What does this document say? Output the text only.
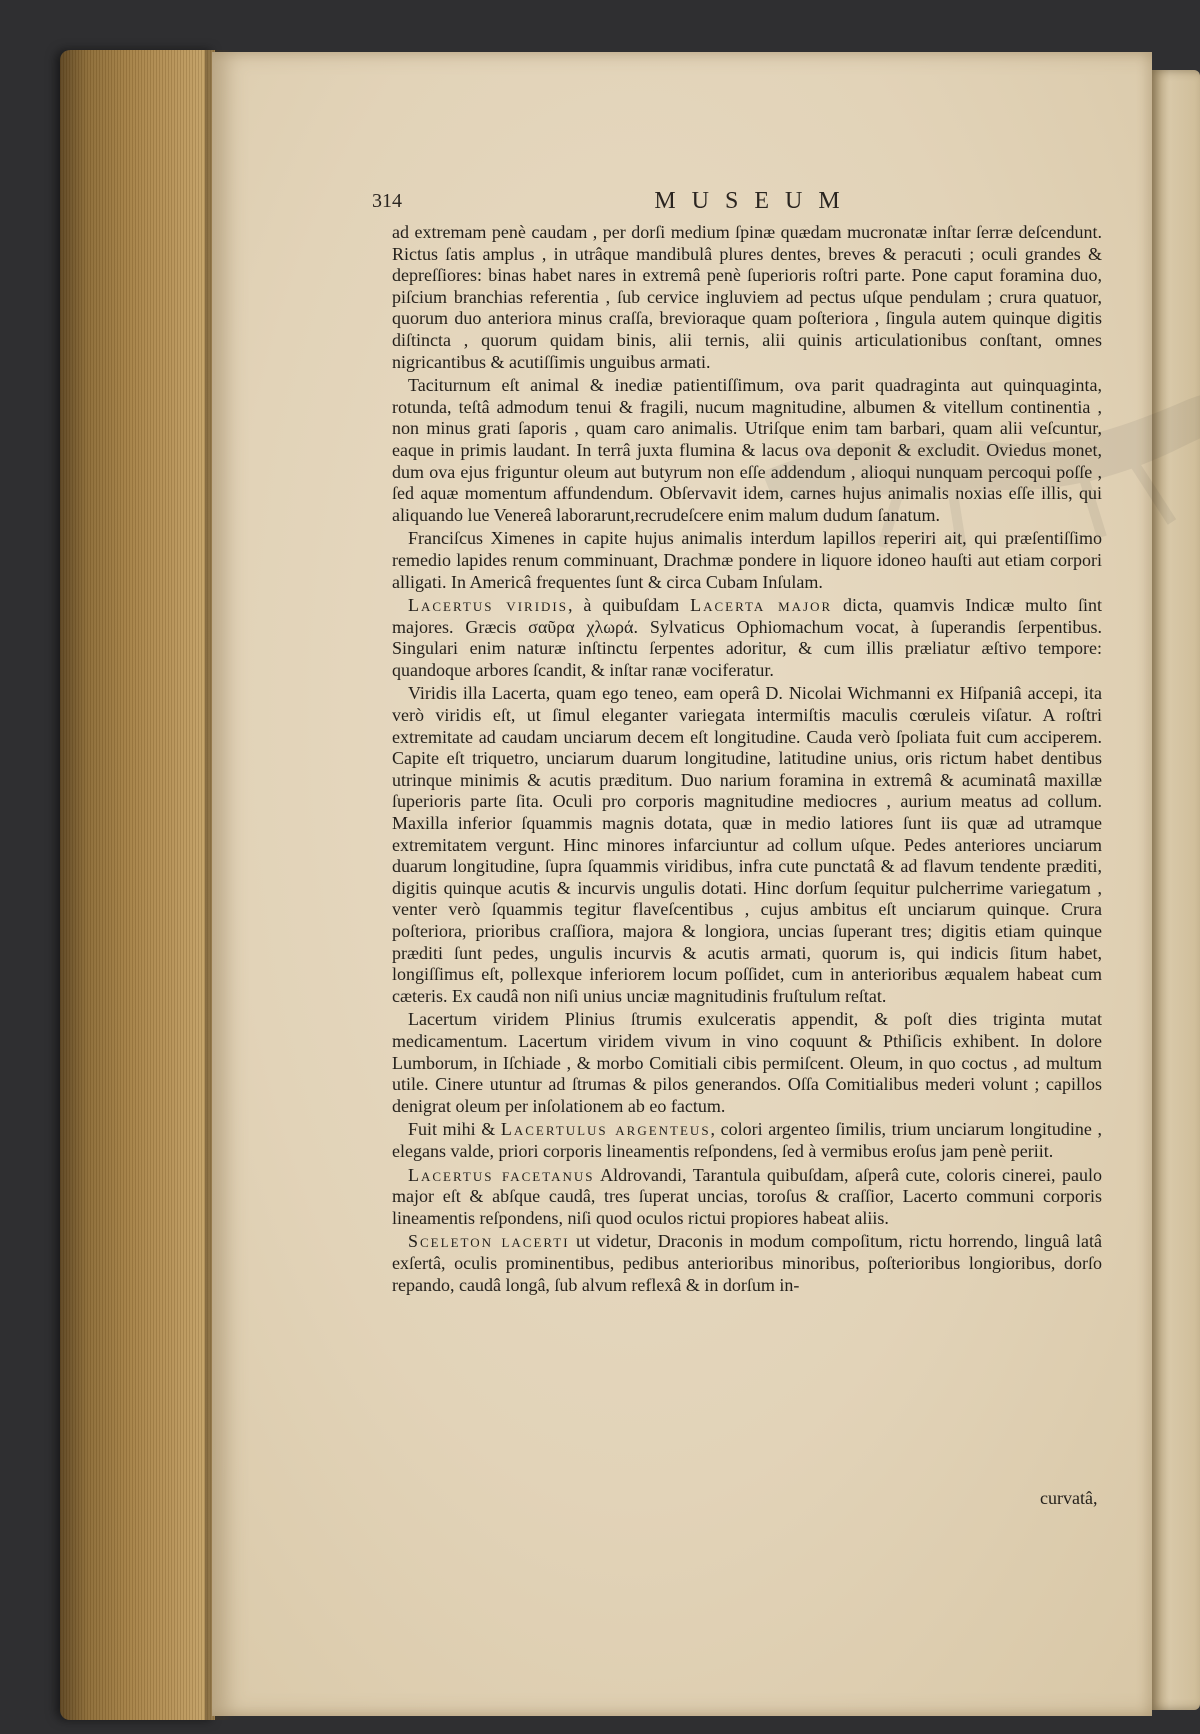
314	MUSEUM

ad extremam penè caudam , per dorſi medium ſpinæ quædam mucronatæ inſtar ſerræ deſcendunt. Rictus ſatis amplus , in utrâque mandibulâ plures dentes, breves & peracuti ; oculi grandes & depreſſiores: binas habet nares in extremâ penè ſuperioris roſtri parte. Pone caput foramina duo, piſcium branchias referentia , ſub cervice ingluviem ad pectus uſque pendulam ; crura quatuor, quorum duo anteriora minus craſſa, brevioraque quam poſteriora , ſingula autem quinque digitis diſtincta , quorum quidam binis, alii ternis, alii quinis articulationibus conſtant, omnes nigricantibus & acutiſſimis unguibus armati.

Taciturnum eſt animal & inediæ patientiſſimum, ova parit quadraginta aut quinquaginta, rotunda, teſtâ admodum tenui & fragili, nucum magnitudine, albumen & vitellum continentia , non minus grati ſaporis , quam caro animalis. Utriſque enim tam barbari, quam alii veſcuntur, eaque in primis laudant. In terrâ juxta flumina & lacus ova deponit & excludit. Oviedus monet, dum ova ejus friguntur oleum aut butyrum non eſſe addendum , alioqui nunquam percoqui poſſe , ſed aquæ momentum affundendum. Obſervavit idem, carnes hujus animalis noxias eſſe illis, qui aliquando lue Venereâ laborarunt,recrudeſcere enim malum dudum ſanatum.

Franciſcus Ximenes in capite hujus animalis interdum lapillos reperiri ait, qui præſentiſſimo remedio lapides renum comminuant, Drachmæ pondere in liquore idoneo hauſti aut etiam corpori alligati. In Americâ frequentes ſunt & circa Cubam Inſulam.

Lacertus viridis, à quibuſdam Lacerta major dicta, quamvis Indicæ multo ſint majores. Græcis σαῦρα χλωρά. Sylvaticus Ophiomachum vocat, à ſuperandis ſerpentibus. Singulari enim naturæ inſtinctu ſerpentes adoritur, & cum illis præliatur æſtivo tempore: quandoque arbores ſcandit, & inſtar ranæ vociferatur.

Viridis illa Lacerta, quam ego teneo, eam operâ D. Nicolai Wichmanni ex Hiſpaniâ accepi, ita verò viridis eſt, ut ſimul eleganter variegata intermiſtis maculis cœruleis viſatur. A roſtri extremitate ad caudam unciarum decem eſt longitudine. Cauda verò ſpoliata fuit cum acciperem. Capite eſt triquetro, unciarum duarum longitudine, latitudine unius, oris rictum habet dentibus utrinque minimis & acutis præditum. Duo narium foramina in extremâ & acuminatâ maxillæ ſuperioris parte ſita. Oculi pro corporis magnitudine mediocres , aurium meatus ad collum. Maxilla inferior ſquammis magnis dotata, quæ in medio latiores ſunt iis quæ ad utramque extremitatem vergunt. Hinc minores infarciuntur ad collum uſque. Pedes anteriores unciarum duarum longitudine, ſupra ſquammis viridibus, infra cute punctatâ & ad flavum tendente præditi, digitis quinque acutis & incurvis ungulis dotati. Hinc dorſum ſequitur pulcherrime variegatum , venter verò ſquammis tegitur flaveſcentibus , cujus ambitus eſt unciarum quinque. Crura poſteriora, prioribus craſſiora, majora & longiora, uncias ſuperant tres; digitis etiam quinque præditi ſunt pedes, ungulis incurvis & acutis armati, quorum is, qui indicis ſitum habet, longiſſimus eſt, pollexque inferiorem locum poſſidet, cum in anterioribus æqualem habeat cum cæteris. Ex caudâ non niſi unius unciæ magnitudinis fruſtulum reſtat.

Lacertum viridem Plinius ſtrumis exulceratis appendit, & poſt dies triginta mutat medicamentum. Lacertum viridem vivum in vino coquunt & Pthiſicis exhibent. In dolore Lumborum, in Iſchiade , & morbo Comitiali cibis permiſcent. Oleum, in quo coctus , ad multum utile. Cinere utuntur ad ſtrumas & pilos generandos. Oſſa Comitialibus mederi volunt ; capillos denigrat oleum per inſolationem ab eo factum.

Fuit mihi & Lacertulus argenteus, colori argenteo ſimilis, trium unciarum longitudine , elegans valde, priori corporis lineamentis reſpondens, ſed à vermibus eroſus jam penè periit.

Lacertus facetanus Aldrovandi, Tarantula quibuſdam, aſperâ cute, coloris cinerei, paulo major eſt & abſque caudâ, tres ſuperat uncias, toroſus & craſſior, Lacerto communi corporis lineamentis reſpondens, niſi quod oculos rictui propiores habeat aliis.

Sceleton lacerti ut videtur, Draconis in modum compoſitum, rictu horrendo, linguâ latâ exſertâ, oculis prominentibus, pedibus anterioribus minoribus, poſterioribus longioribus, dorſo repando, caudâ longâ, ſub alvum reflexâ & in dorſum in-

curvatâ,
